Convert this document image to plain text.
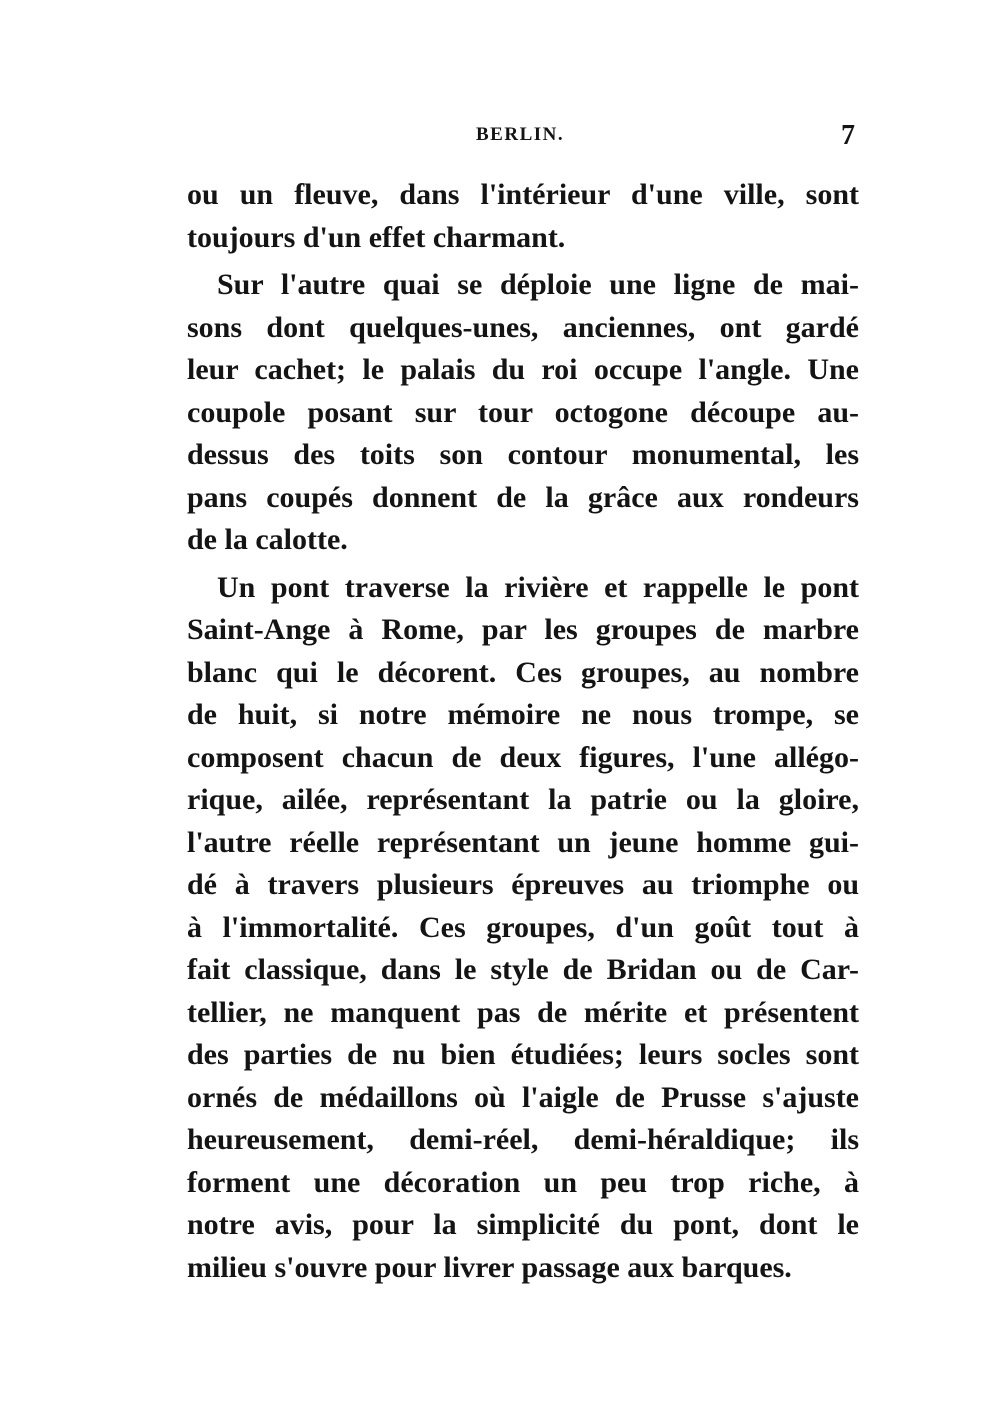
BERLIN.	7
ou un fleuve, dans l'intérieur d'une ville, sont
toujours d'un effet charmant.
Sur l'autre quai se déploie une ligne de mai-
sons dont quelques-unes, anciennes, ont gardé
leur cachet; le palais du roi occupe l'angle. Une
coupole posant sur tour octogone découpe au-
dessus des toits son contour monumental, les
pans coupés donnent de la grâce aux rondeurs
de la calotte.
Un pont traverse la rivière et rappelle le pont
Saint-Ange à Rome, par les groupes de marbre
blanc qui le décorent. Ces groupes, au nombre
de huit, si notre mémoire ne nous trompe, se
composent chacun de deux figures, l'une allégo-
rique, ailée, représentant la patrie ou la gloire,
l'autre réelle représentant un jeune homme gui-
dé à travers plusieurs épreuves au triomphe ou
à l'immortalité. Ces groupes, d'un goût tout à
fait classique, dans le style de Bridan ou de Car-
tellier, ne manquent pas de mérite et présentent
des parties de nu bien étudiées; leurs socles sont
ornés de médaillons où l'aigle de Prusse s'ajuste
heureusement, demi-réel, demi-héraldique; ils
forment une décoration un peu trop riche, à
notre avis, pour la simplicité du pont, dont le
milieu s'ouvre pour livrer passage aux barques.
